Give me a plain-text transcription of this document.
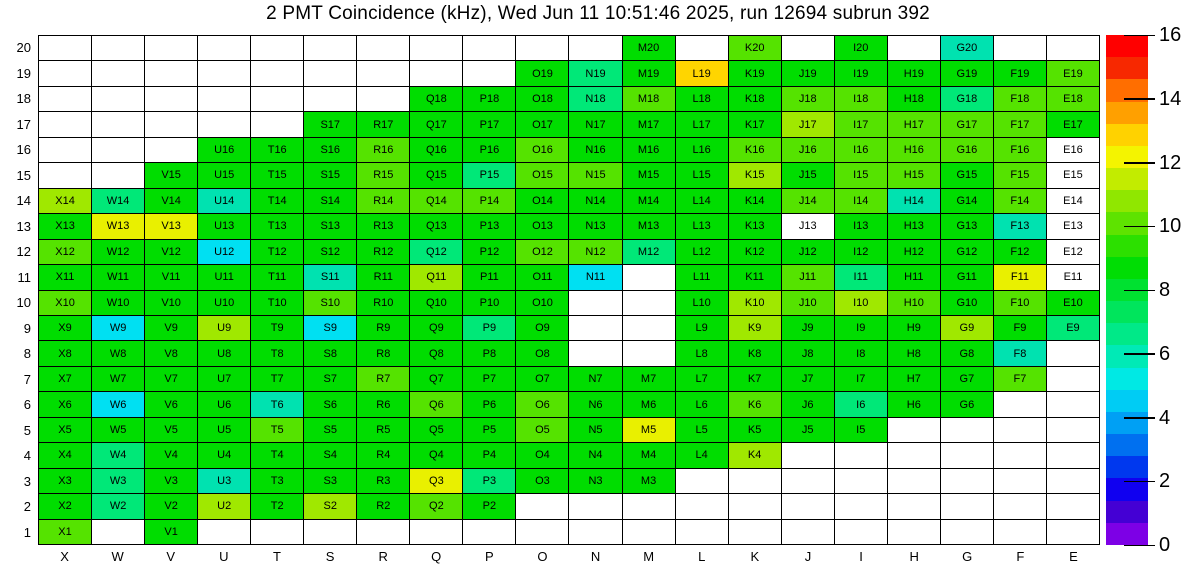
2 PMT Coincidence (kHz), Wed Jun 11 10:51:46 2025, run 12694 subrun 392
M20	K20	I20	G20
O19	N19	M19	L19	K19	J19	I19	H19	G19	F19	E19
Q18	P18	O18	N18	M18	L18	K18	J18	I18	H18	G18	F18	E18
S17	R17	Q17	P17	O17	N17	M17	L17	K17	J17	I17	H17	G17	F17	E17
U16	T16	S16	R16	Q16	P16	O16	N16	M16	L16	K16	J16	I16	H16	G16	F16	E16
V15	U15	T15	S15	R15	Q15	P15	O15	N15	M15	L15	K15	J15	I15	H15	G15	F15	E15
X14	W14	V14	U14	T14	S14	R14	Q14	P14	O14	N14	M14	L14	K14	J14	I14	H14	G14	F14	E14
X13	W13	V13	U13	T13	S13	R13	Q13	P13	O13	N13	M13	L13	K13	J13	I13	H13	G13	F13	E13
X12	W12	V12	U12	T12	S12	R12	Q12	P12	O12	N12	M12	L12	K12	J12	I12	H12	G12	F12	E12
X11	W11	V11	U11	T11	S11	R11	Q11	P11	O11	N11	L11	K11	J11	I11	H11	G11	F11	E11
X10	W10	V10	U10	T10	S10	R10	Q10	P10	O10	L10	K10	J10	I10	H10	G10	F10	E10
X9	W9	V9	U9	T9	S9	R9	Q9	P9	O9	L9	K9	J9	I9	H9	G9	F9	E9
X8	W8	V8	U8	T8	S8	R8	Q8	P8	O8	L8	K8	J8	I8	H8	G8	F8
X7	W7	V7	U7	T7	S7	R7	Q7	P7	O7	N7	M7	L7	K7	J7	I7	H7	G7	F7
X6	W6	V6	U6	T6	S6	R6	Q6	P6	O6	N6	M6	L6	K6	J6	I6	H6	G6
X5	W5	V5	U5	T5	S5	R5	Q5	P5	O5	N5	M5	L5	K5	J5	I5
X4	W4	V4	U4	T4	S4	R4	Q4	P4	O4	N4	M4	L4	K4
X3	W3	V3	U3	T3	S3	R3	Q3	P3	O3	N3	M3
X2	W2	V2	U2	T2	S2	R2	Q2	P2
X1	V1
20
19
18
17
16
15
14
13
12
11
10
9
8
7
6
5
4
3
2
1
X	W	V	U	T	S	R	Q	P	O	N	M	L	K	J	I	H	G	F	E
0
2
4
6
8
10
12
14
16
